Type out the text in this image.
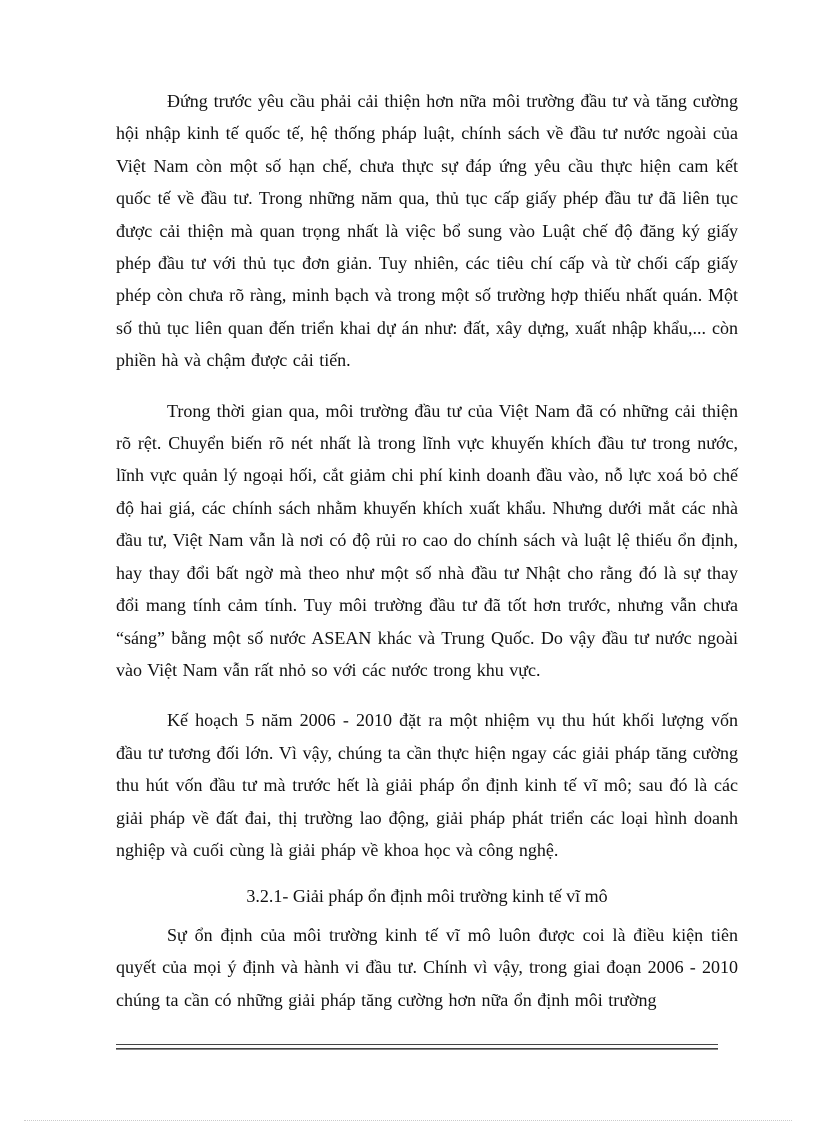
Đứng trước yêu cầu phải cải thiện hơn nữa môi trường đầu tư và tăng cường hội nhập kinh tế quốc tế, hệ thống pháp luật, chính sách về đầu tư nước ngoài của Việt Nam còn một số hạn chế, chưa thực sự đáp ứng yêu cầu thực hiện cam kết quốc tế về đầu tư. Trong những năm qua, thủ tục cấp giấy phép đầu tư đã liên tục được cải thiện mà quan trọng nhất là việc bổ sung vào Luật chế độ đăng ký giấy phép đầu tư với thủ tục đơn giản. Tuy nhiên, các tiêu chí cấp và từ chối cấp giấy phép còn chưa rõ ràng, minh bạch và trong một số trường hợp thiếu nhất quán. Một số thủ tục liên quan đến triển khai dự án như: đất, xây dựng, xuất nhập khẩu,... còn phiền hà và chậm được cải tiến.

Trong thời gian qua, môi trường đầu tư của Việt Nam đã có những cải thiện rõ rệt. Chuyển biến rõ nét nhất là trong lĩnh vực khuyến khích đầu tư trong nước, lĩnh vực quản lý ngoại hối, cắt giảm chi phí kinh doanh đầu vào, nỗ lực xoá bỏ chế độ hai giá, các chính sách nhằm khuyến khích xuất khẩu. Nhưng dưới mắt các nhà đầu tư, Việt Nam vẫn là nơi có độ rủi ro cao do chính sách và luật lệ thiếu ổn định, hay thay đổi bất ngờ mà theo như một số nhà đầu tư Nhật cho rằng đó là sự thay đổi mang tính cảm tính. Tuy môi trường đầu tư đã tốt hơn trước, nhưng vẫn chưa “sáng” bằng một số nước ASEAN khác và Trung Quốc. Do vậy đầu tư nước ngoài vào Việt Nam vẫn rất nhỏ so với các nước trong khu vực.

Kế hoạch 5 năm 2006 - 2010 đặt ra một nhiệm vụ thu hút khối lượng vốn đầu tư tương đối lớn. Vì vậy, chúng ta cần thực hiện ngay các giải pháp tăng cường thu hút vốn đầu tư mà trước hết là giải pháp ổn định kinh tế vĩ mô; sau đó là các giải pháp về đất đai, thị trường lao động, giải pháp phát triển các loại hình doanh nghiệp và cuối cùng là giải pháp về khoa học và công nghệ.

3.2.1- Giải pháp ổn định môi trường kinh tế vĩ mô

Sự ổn định của môi trường kinh tế vĩ mô luôn được coi là điều kiện tiên quyết của mọi ý định và hành vi đầu tư. Chính vì vậy, trong giai đoạn 2006 - 2010 chúng ta cần có những giải pháp tăng cường hơn nữa ổn định môi trường
